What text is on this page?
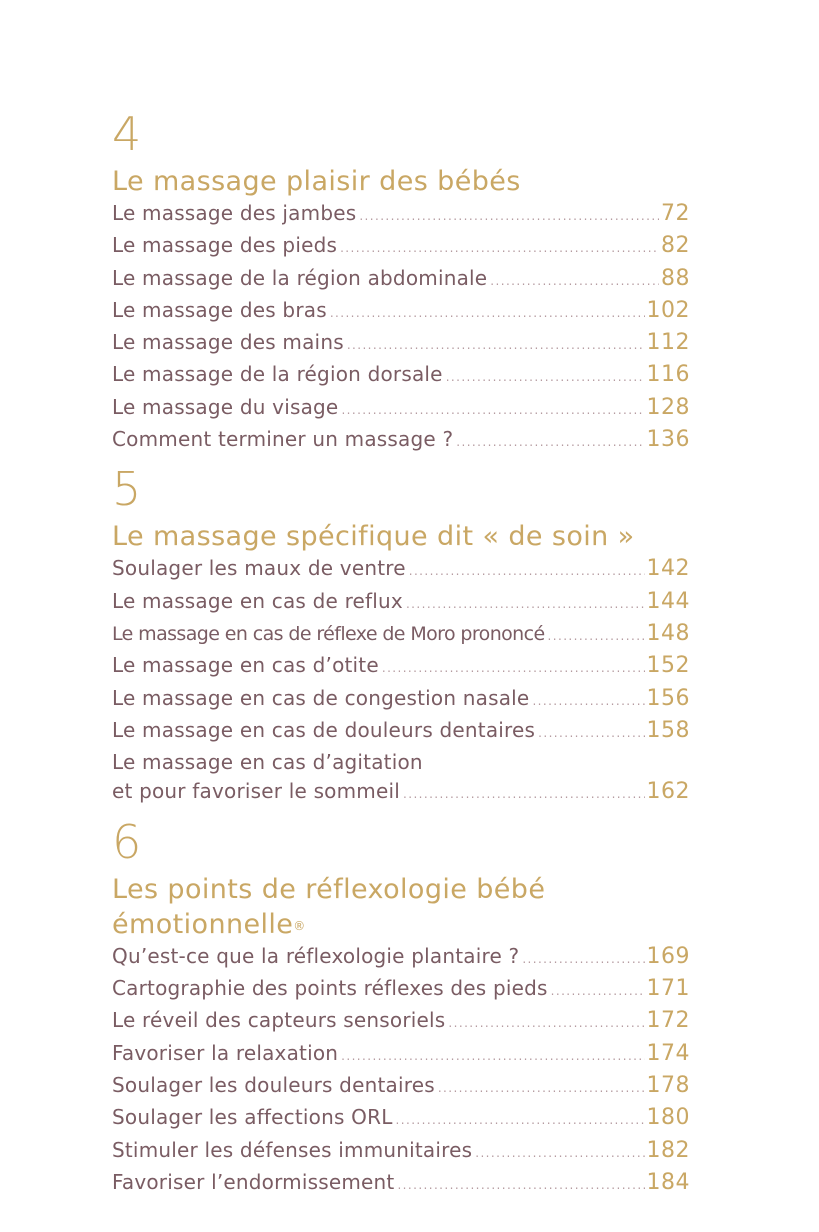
4
Le massage plaisir des bébés
Le massage des jambes .....	72
Le massage des pieds .....	82
Le massage de la région abdominale .....	88
Le massage des bras .....	102
Le massage des mains .....	112
Le massage de la région dorsale .....	116
Le massage du visage .....	128
Comment terminer un massage ? .....	136
5
Le massage spécifique dit « de soin »
Soulager les maux de ventre .....	142
Le massage en cas de reflux .....	144
Le massage en cas de réflexe de Moro prononcé .....	148
Le massage en cas d’otite .....	152
Le massage en cas de congestion nasale .....	156
Le massage en cas de douleurs dentaires .....	158
Le massage en cas d’agitation
et pour favoriser le sommeil .....	162
6
Les points de réflexologie bébé
émotionnelle®
Qu’est-ce que la réflexologie plantaire ? .....	169
Cartographie des points réflexes des pieds .....	171
Le réveil des capteurs sensoriels .....	172
Favoriser la relaxation .....	174
Soulager les douleurs dentaires .....	178
Soulager les affections ORL .....	180
Stimuler les défenses immunitaires .....	182
Favoriser l’endormissement .....	184
